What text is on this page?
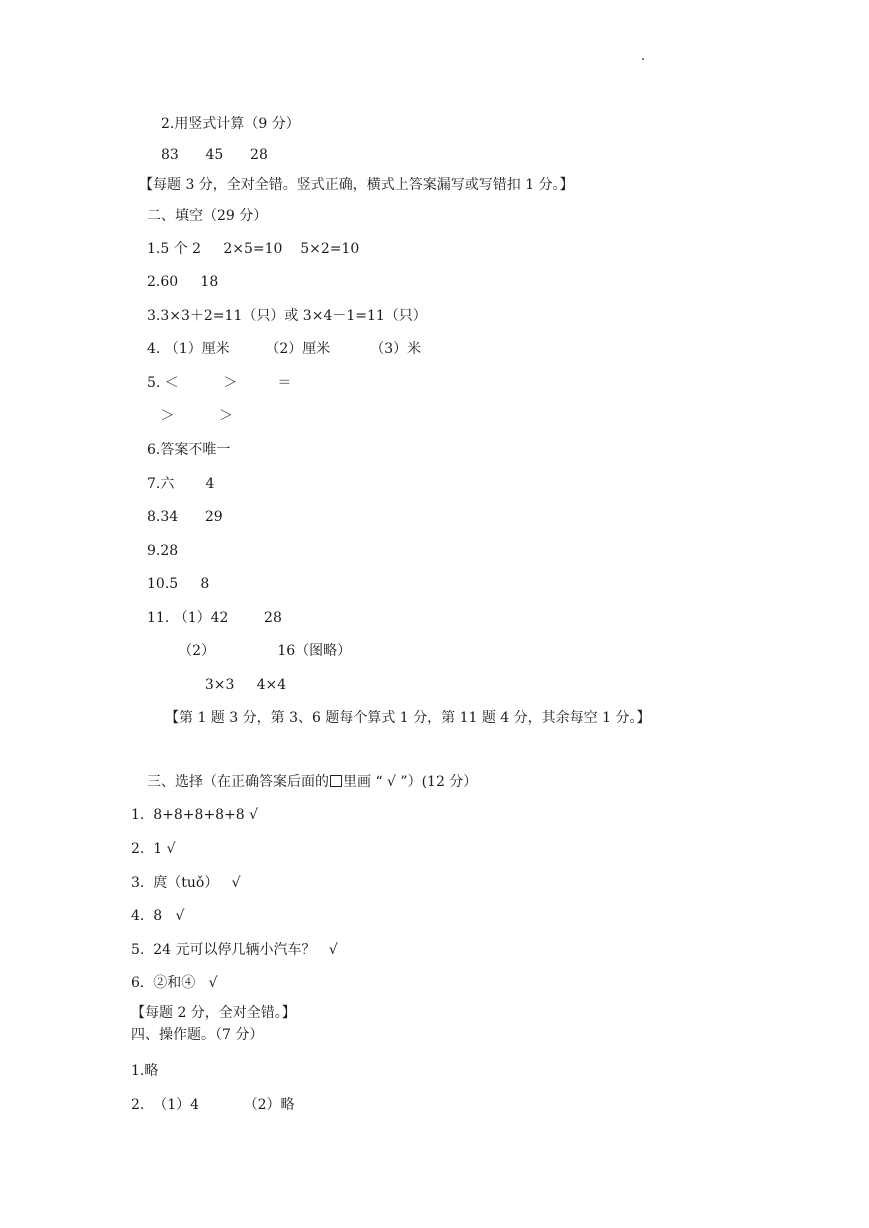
2.用竖式计算（9 分）
83      45      28
【每题 3 分，全对全错。竖式正确，横式上答案漏写或写错扣 1 分。】
二、填空（29 分）
1.5 个 2     2×5=10    5×2=10
2.60     18
3.3×3＋2=11（只）或 3×4－1=11（只）
4. （1）厘米        （2）厘米         （3）米
5. ＜          ＞         ＝
＞          ＞
6.答案不唯一
7.六       4
8.34      29
9.28
10.5     8
11. （1）42        28
（2）              16（图略）
3×3     4×4
【第 1 题 3 分，第 3、6 题每个算式 1 分，第 11 题 4 分，其余每空 1 分。】
三、选择（在正确答案后面的 里画 “ √ ”）(12 分）
1.  8+8+8+8+8 √
2.  1 √
3.  庹（tuǒ）   √
4.  8   √
5.  24 元可以停几辆小汽车？   √
6.  ②和④   √
【每题 2 分，全对全错。】
四、操作题。（7 分）
1.略
2.  （1）4          （2）略
